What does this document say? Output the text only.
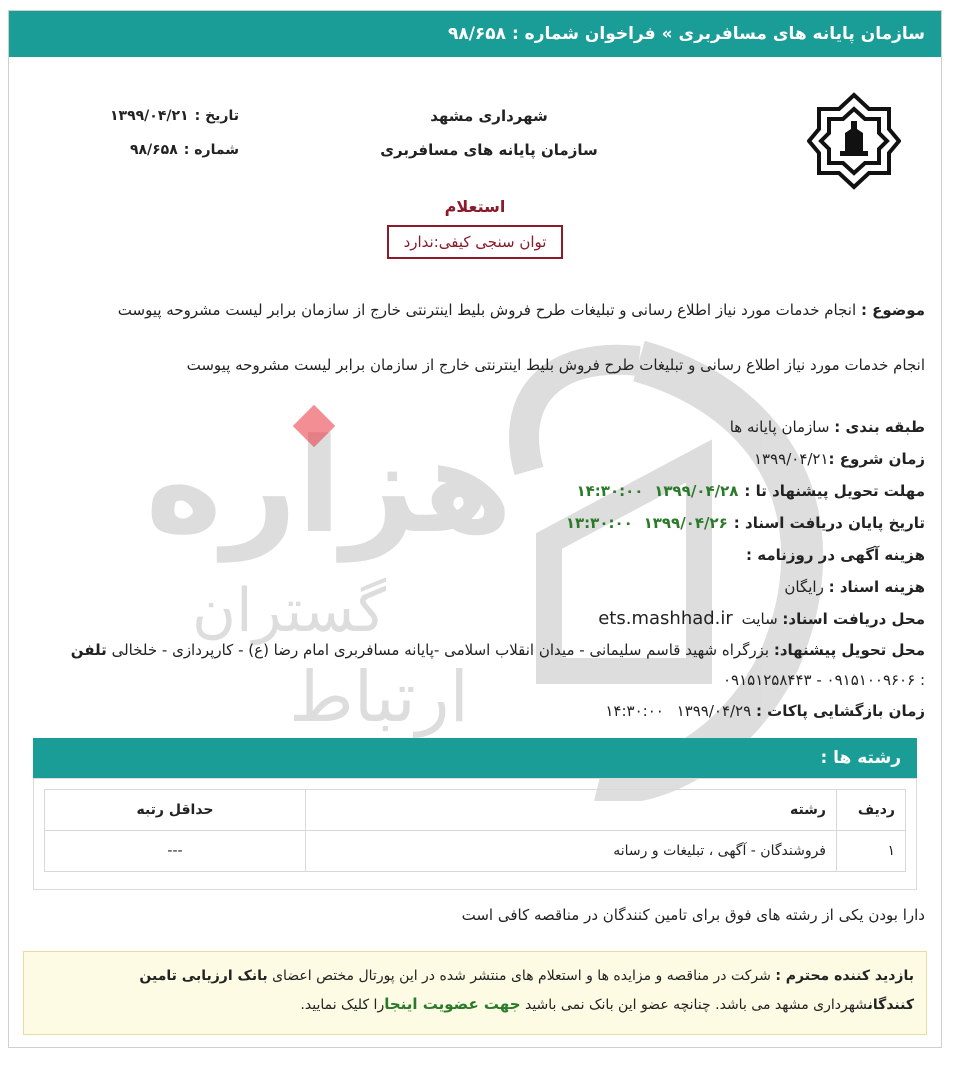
سازمان پایانه های مسافربری » فراخوان شماره : ۹۸/۶۵۸
هزاره
گستران
ارتباط
شهرداری مشهد
سازمان پایانه های مسافربری
تاریخ :
۱۳۹۹/۰۴/۲۱
شماره :
۹۸/۶۵۸
استعلام
توان سنجی کیفی:ندارد
موضوع : انجام خدمات مورد نیاز اطلاع رسانی و تبلیغات طرح فروش بلیط اینترنتی خارج از سازمان برابر لیست مشروحه پیوست
انجام خدمات مورد نیاز اطلاع رسانی و تبلیغات طرح فروش بلیط اینترنتی خارج از سازمان برابر لیست مشروحه پیوست
طبقه بندی : سازمان پایانه ها
زمان شروع :۱۳۹۹/۰۴/۲۱
مهلت تحویل پیشنهاد تا :۱۳۹۹/۰۴/۲۸ ۱۴:۳۰:۰۰
تاریخ پایان دریافت اسناد :۱۳۹۹/۰۴/۲۶ ۱۳:۳۰:۰۰
هزینه آگهی در روزنامه :
هزینه اسناد : رایگان
محل دریافت اسناد: سایت ets.mashhad.ir
محل تحویل پیشنهاد: بزرگراه شهید قاسم سلیمانی - میدان انقلاب اسلامی -پایانه مسافربری امام رضا (ع) - کارپردازی - خلخالی تلفن
: ۰۹۱۵۱۰۰۹۶۰۶ - ۰۹۱۵۱۲۵۸۴۴۳
زمان بازگشایی پاکات : ۱۳۹۹/۰۴/۲۹ ۱۴:۳۰:۰۰
رشته ها :
ردیف	رشته	حداقل رتبه
۱	فروشندگان - آگهی ، تبلیغات و رسانه	---
دارا بودن یکی از رشته های فوق برای تامین کنندگان در مناقصه کافی است
بازدید کننده محترم : شرکت در مناقصه و مزایده ها و استعلام های منتشر شده در این پورتال مختص اعضای بانک ارزیابی تامین کنندگانشهرداری مشهد می باشد. چنانچه عضو این بانک نمی باشید جهت عضویت اینجارا کلیک نمایید.
